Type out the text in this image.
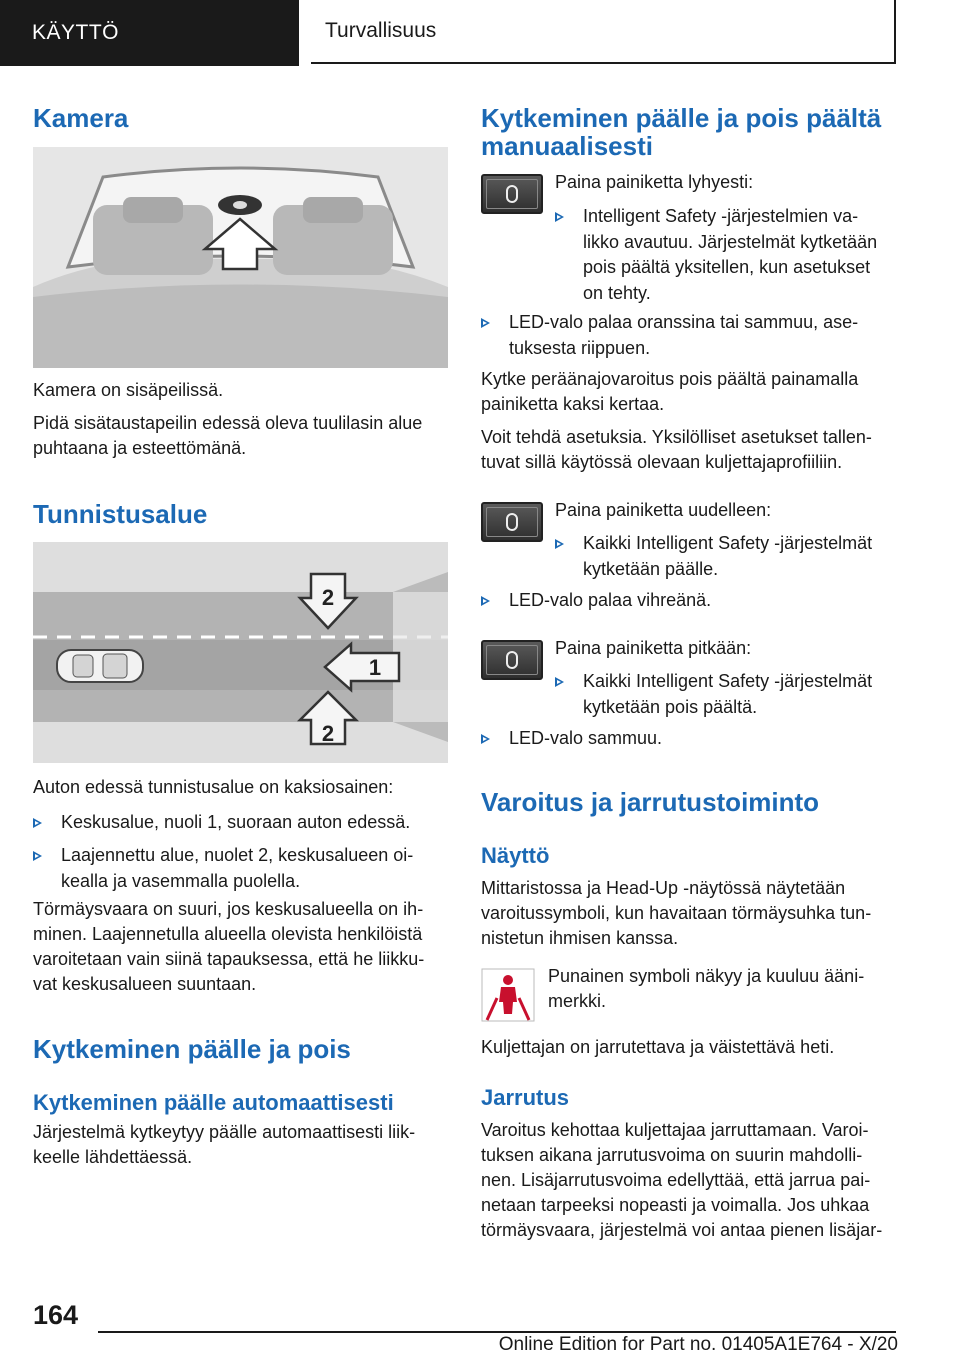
KÄYTTÖ	Turvallisuus
Kamera

Kamera on sisäpeilissä.

Pidä sisätaustapeilin edessä oleva tuulilasin alue

puhtaana ja esteettömänä.

Tunnistusalue
2
1
2

Auton edessä tunnistusalue on kaksiosainen:

Keskusalue, nuoli 1, suoraan auton edessä.
Laajennettu alue, nuolet 2, keskusalueen oi-
kealla ja vasemmalla puolella.

Törmäysvaara on suuri, jos keskusalueella on ih-

minen. Laajennetulla alueella olevista henkilöistä

varoitetaan vain siinä tapauksessa, että he liikku-

vat keskusalueen suuntaan.

Kytkeminen päälle ja pois
Kytkeminen päälle automaattisesti

Järjestelmä kytkeytyy päälle automaattisesti liik-

keelle lähdettäessä.

Kytkeminen päälle ja pois päältä
manuaalisesti

Paina painiketta lyhyesti:

Intelligent Safety -järjestelmien va-
likko avautuu. Järjestelmät kytketään
pois päältä yksitellen, kun asetukset
on tehty.
LED-valo palaa oranssina tai sammuu, ase-
tuksesta riippuen.

Kytke peräänajovaroitus pois päältä painamalla

painiketta kaksi kertaa.

Voit tehdä asetuksia. Yksilölliset asetukset tallen-

tuvat sillä käytössä olevaan kuljettajaprofiiliin.

Paina painiketta uudelleen:

Kaikki Intelligent Safety -järjestelmät
kytketään päälle.
LED-valo palaa vihreänä.

Paina painiketta pitkään:

Kaikki Intelligent Safety -järjestelmät
kytketään pois päältä.
LED-valo sammuu.
Varoitus ja jarrutustoiminto
Näyttö

Mittaristossa ja Head-Up -näytössä näytetään

varoitussymboli, kun havaitaan törmäysuhka tun-

nistetun ihmisen kanssa.

Punainen symboli näkyy ja kuuluu ääni-

merkki.

Kuljettajan on jarrutettava ja väistettävä heti.

Jarrutus

Varoitus kehottaa kuljettajaa jarruttamaan. Varoi-

tuksen aikana jarrutusvoima on suurin mahdolli-

nen. Lisäjarrutusvoima edellyttää, että jarrua pai-

netaan tarpeeksi nopeasti ja voimalla. Jos uhkaa

törmäysvaara, järjestelmä voi antaa pienen lisäjar-

164
Online Edition for Part no. 01405A1E764 - X/20
